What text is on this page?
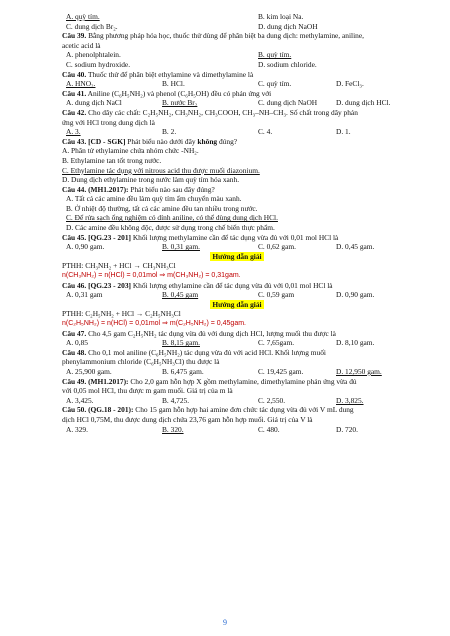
A. quỳ tím.	B. kim loại Na.
C. dung dịch Br₂.	D. dung dịch NaOH
Câu 39. Bằng phương pháp hóa học, thuốc thử dùng để phân biệt ba dung dịch: methylamine, aniline,
acetic acid là
A. phenolphtalein.	B. quỳ tím.
C. sodium hydroxide.	D. sodium chloride.
Câu 40. Thuốc thử để phân biệt ethylamine và dimethylamine là
A. HNO₂.	B. HCl.	C. quỳ tím.	D. FeCl₃.
Câu 41. Aniline (C₆H₅NH₂) và phenol (C₆H₅OH) đều có phản ứng với
A. dung dịch NaCl	B. nước Br₂	C. dung dịch NaOH	D. dung dịch HCl.
Câu 42. Cho dãy các chất: C₂H₅NH₂, CH₃NH₂, CH₃COOH, CH₃–NH–CH₃. Số chất trong dãy phản
ứng với HCl trong dung dịch là
A. 3.	B. 2.	C. 4.	D. 1.
Câu 43. [CD - SGK] Phát biểu nào dưới đây không đúng?
A. Phân tử ethylamine chứa nhóm chức -NH₂.
B. Ethylamine tan tốt trong nước.
C. Ethylamine tác dụng với nitrous acid thu được muối diazonium.
D. Dung dịch ethylamine trong nước làm quỳ tím hóa xanh.
Câu 44. (MH1.2017): Phát biểu nào sau đây đúng?
A. Tất cả các amine đều làm quỳ tím ẩm chuyển màu xanh.
B. Ở nhiệt độ thường, tất cả các amine đều tan nhiều trong nước.
C. Để rửa sạch ống nghiệm có dính aniline, có thể dùng dung dịch HCl.
D. Các amine đều không độc, được sử dụng trong chế biến thực phẩm.
Câu 45. [QG.23 - 201] Khối lượng methylamine cần để tác dụng vừa đủ với 0,01 mol HCl là
A. 0,90 gam.	B. 0,31 gam.	C. 0,62 gam.	D. 0,45 gam.
Hướng dẫn giải
PTHH: CH₃NH₂ + HCl → CH₃NH₃Cl
n(CH₃NH₂) = n(HCl) = 0,01mol ⇒ m(CH₃NH₂) = 0,31gam.
Câu 46. [QG.23 - 203] Khối lượng ethylamine cần để tác dụng vừa đủ với 0,01 mol HCl là
A. 0,31 gam	B. 0,45 gam	C. 0,59 gam	D. 0,90 gam.
Hướng dẫn giải
PTHH: C₂H₅NH₂ + HCl → C₂H₅NH₃Cl
n(C₂H₅NH₂) = n(HCl) = 0,01mol ⇒ m(C₂H₅NH₂) = 0,45gam.
Câu 47. Cho 4,5 gam C₂H₅NH₂ tác dụng vừa đủ với dung dịch HCl, lượng muối thu được là
A. 0,85	B. 8,15 gam.	C. 7,65gam.	D. 8,10 gam.
Câu 48. Cho 0,1 mol aniline (C₆H₅NH₂) tác dụng vừa đủ với acid HCl. Khối lượng muối
phenylammonium chloride (C₆H₅NH₃Cl) thu được là
A. 25,900 gam.	B. 6,475 gam.	C. 19,425 gam.	D. 12,950 gam.
Câu 49. (MH1.2017): Cho 2,0 gam hỗn hợp X gồm methylamine, dimethylamine phản ứng vừa đủ
với 0,05 mol HCl, thu được m gam muối. Giá trị của m là
A. 3,425.	B. 4,725.	C. 2,550.	D. 3,825.
Câu 50. (QG.18 - 201): Cho 15 gam hỗn hợp hai amine đơn chức tác dụng vừa đủ với V mL dung
dịch HCl 0,75M, thu được dung dịch chứa 23,76 gam hỗn hợp muối. Giá trị của V là
A. 329.	B. 320.	C. 480.	D. 720.
9
